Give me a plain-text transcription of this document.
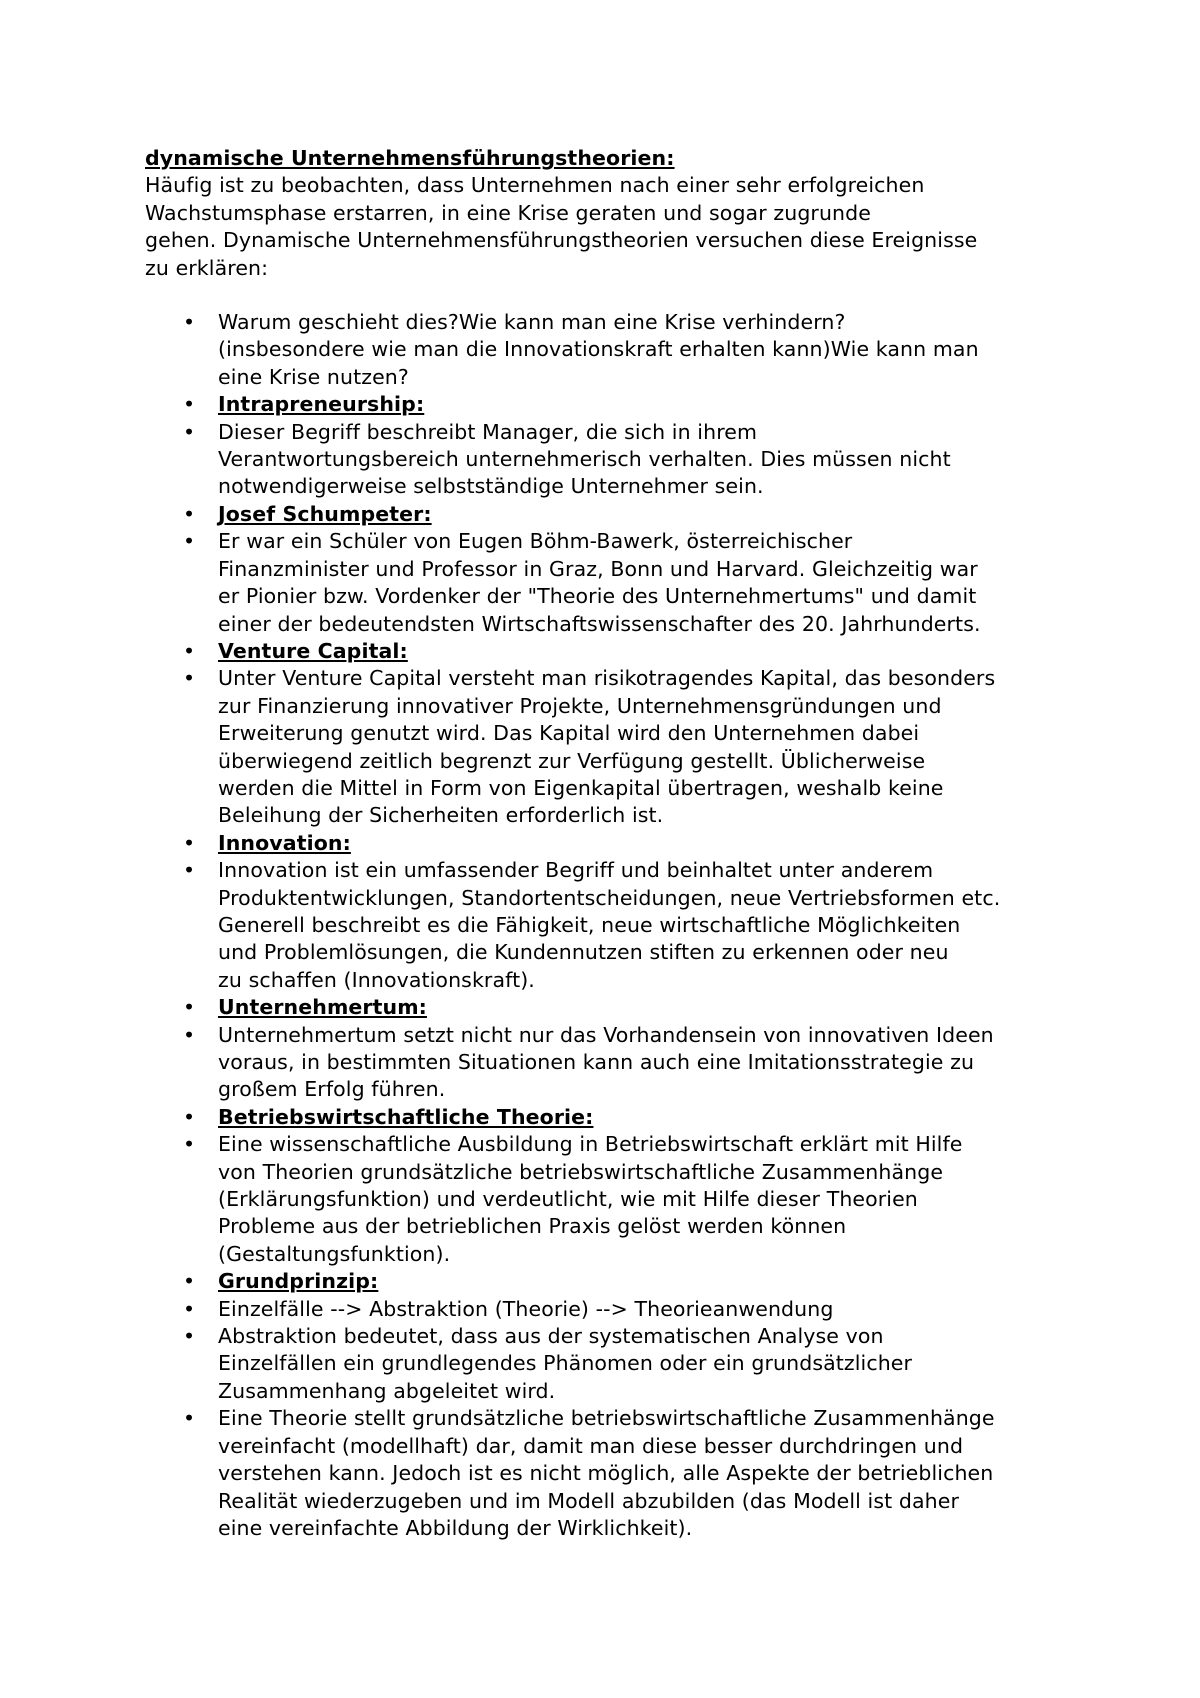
dynamische Unternehmensführungstheorien:

Häufig ist zu beobachten, dass Unternehmen nach einer sehr erfolgreichen
Wachstumsphase erstarren, in eine Krise geraten und sogar zugrunde
gehen. Dynamische Unternehmensführungstheorien versuchen diese Ereignisse
zu erklären:

• Warum geschieht dies?Wie kann man eine Krise verhindern?
(insbesondere wie man die Innovationskraft erhalten kann)Wie kann man
eine Krise nutzen?
• Intrapreneurship:
• Dieser Begriff beschreibt Manager, die sich in ihrem
Verantwortungsbereich unternehmerisch verhalten. Dies müssen nicht
notwendigerweise selbstständige Unternehmer sein.
• Josef Schumpeter:
• Er war ein Schüler von Eugen Böhm-Bawerk, österreichischer
Finanzminister und Professor in Graz, Bonn und Harvard. Gleichzeitig war
er Pionier bzw. Vordenker der "Theorie des Unternehmertums" und damit
einer der bedeutendsten Wirtschaftswissenschafter des 20. Jahrhunderts.
• Venture Capital:
• Unter Venture Capital versteht man risikotragendes Kapital, das besonders
zur Finanzierung innovativer Projekte, Unternehmensgründungen und
Erweiterung genutzt wird. Das Kapital wird den Unternehmen dabei
überwiegend zeitlich begrenzt zur Verfügung gestellt. Üblicherweise
werden die Mittel in Form von Eigenkapital übertragen, weshalb keine
Beleihung der Sicherheiten erforderlich ist.
• Innovation:
• Innovation ist ein umfassender Begriff und beinhaltet unter anderem
Produktentwicklungen, Standortentscheidungen, neue Vertriebsformen etc.
Generell beschreibt es die Fähigkeit, neue wirtschaftliche Möglichkeiten
und Problemlösungen, die Kundennutzen stiften zu erkennen oder neu
zu schaffen (Innovationskraft).
• Unternehmertum:
• Unternehmertum setzt nicht nur das Vorhandensein von innovativen Ideen
voraus, in bestimmten Situationen kann auch eine Imitationsstrategie zu
großem Erfolg führen.
• Betriebswirtschaftliche Theorie:
• Eine wissenschaftliche Ausbildung in Betriebswirtschaft erklärt mit Hilfe
von Theorien grundsätzliche betriebswirtschaftliche Zusammenhänge
(Erklärungsfunktion) und verdeutlicht, wie mit Hilfe dieser Theorien
Probleme aus der betrieblichen Praxis gelöst werden können
(Gestaltungsfunktion).
• Grundprinzip:
• Einzelfälle --> Abstraktion (Theorie) --> Theorieanwendung
• Abstraktion bedeutet, dass aus der systematischen Analyse von
Einzelfällen ein grundlegendes Phänomen oder ein grundsätzlicher
Zusammenhang abgeleitet wird.
• Eine Theorie stellt grundsätzliche betriebswirtschaftliche Zusammenhänge
vereinfacht (modellhaft) dar, damit man diese besser durchdringen und
verstehen kann. Jedoch ist es nicht möglich, alle Aspekte der betrieblichen
Realität wiederzugeben und im Modell abzubilden (das Modell ist daher
eine vereinfachte Abbildung der Wirklichkeit).
